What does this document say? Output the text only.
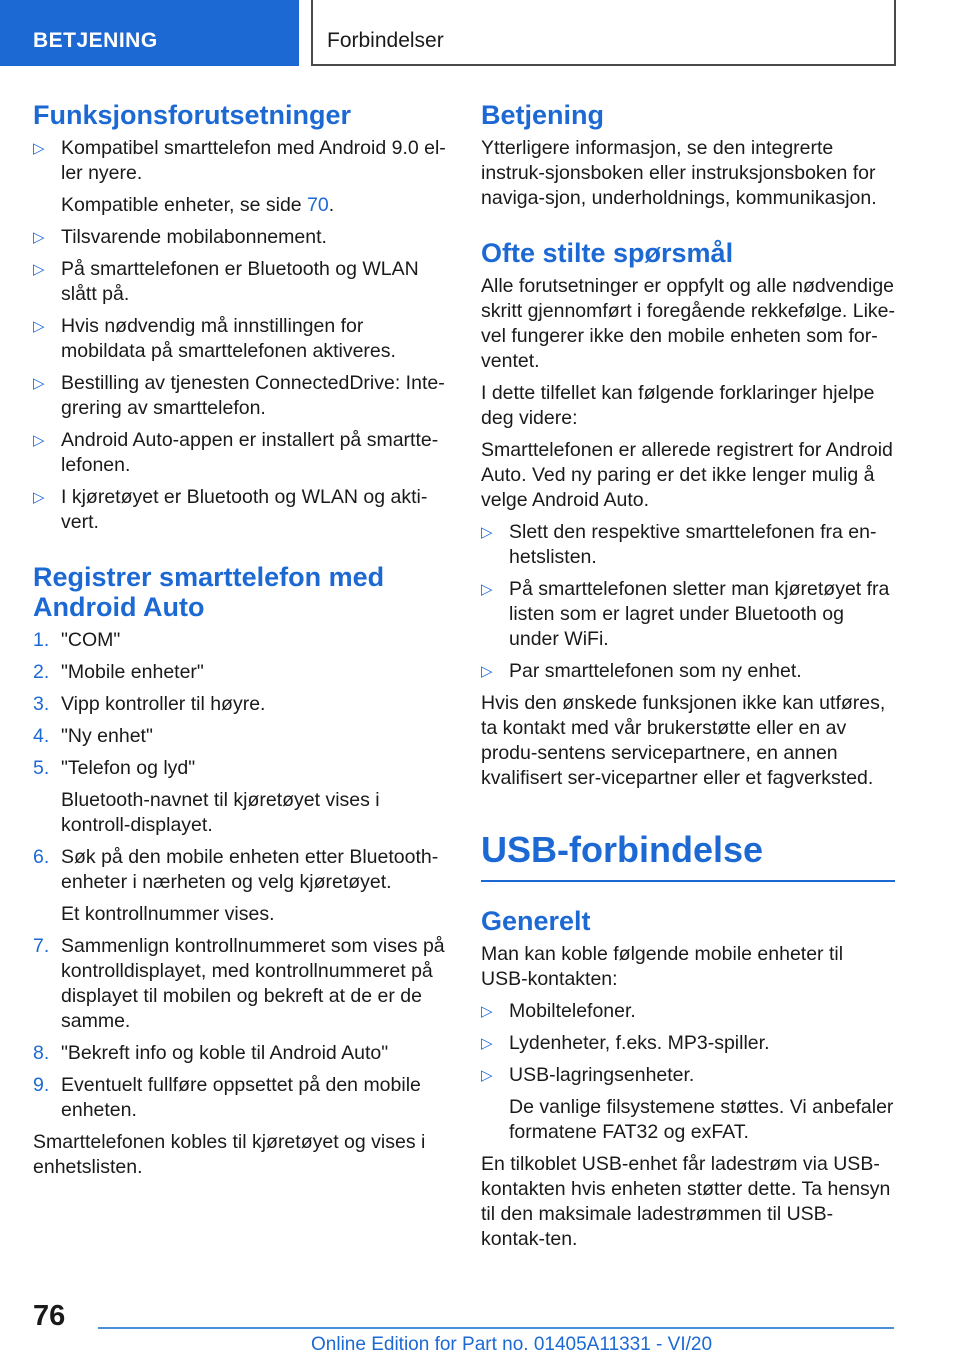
BETJENING	Forbindelser
Funksjonsforutsetninger
▷ Kompatibel smarttelefon med Android 9.0 el-ler nyere.
Kompatible enheter, se side 70.
▷ Tilsvarende mobilabonnement.
▷ På smarttelefonen er Bluetooth og WLAN slått på.
▷ Hvis nødvendig må innstillingen for mobildata på smarttelefonen aktiveres.
▷ Bestilling av tjenesten ConnectedDrive: Inte-grering av smarttelefon.
▷ Android Auto-appen er installert på smartte-lefonen.
▷ I kjøretøyet er Bluetooth og WLAN og akti-vert.
Registrer smarttelefon med Android Auto
1. "COM"
2. "Mobile enheter"
3. Vipp kontroller til høyre.
4. "Ny enhet"
5. "Telefon og lyd"
Bluetooth-navnet til kjøretøyet vises i kontroll-displayet.
6. Søk på den mobile enheten etter Bluetooth-enheter i nærheten og velg kjøretøyet.
Et kontrollnummer vises.
7. Sammenlign kontrollnummeret som vises på kontrolldisplayet, med kontrollnummeret på displayet til mobilen og bekreft at de er de samme.
8. "Bekreft info og koble til Android Auto"
9. Eventuelt fullføre oppsettet på den mobile enheten.
Smarttelefonen kobles til kjøretøyet og vises i enhetslisten.
Betjening
Ytterligere informasjon, se den integrerte instruk-sjonsboken eller instruksjonsboken for naviga-sjon, underholdnings, kommunikasjon.
Ofte stilte spørsmål
Alle forutsetninger er oppfylt og alle nødvendige skritt gjennomført i foregående rekkefølge. Like-vel fungerer ikke den mobile enheten som for-ventet.
I dette tilfellet kan følgende forklaringer hjelpe deg videre:
Smarttelefonen er allerede registrert for Android Auto. Ved ny paring er det ikke lenger mulig å velge Android Auto.
▷ Slett den respektive smarttelefonen fra en-hetslisten.
▷ På smarttelefonen sletter man kjøretøyet fra listen som er lagret under Bluetooth og under WiFi.
▷ Par smarttelefonen som ny enhet.
Hvis den ønskede funksjonen ikke kan utføres, ta kontakt med vår brukerstøtte eller en av produ-sentens servicepartnere, en annen kvalifisert ser-vicepartner eller et fagverksted.
USB-forbindelse
Generelt
Man kan koble følgende mobile enheter til USB-kontakten:
▷ Mobiltelefoner.
▷ Lydenheter, f.eks. MP3-spiller.
▷ USB-lagringsenheter.
De vanlige filsystemene støttes. Vi anbefaler formatene FAT32 og exFAT.
En tilkoblet USB-enhet får ladestrøm via USB-kontakten hvis enheten støtter dette. Ta hensyn til den maksimale ladestrømmen til USB-kontak-ten.
76
Online Edition for Part no. 01405A11331 - VI/20
